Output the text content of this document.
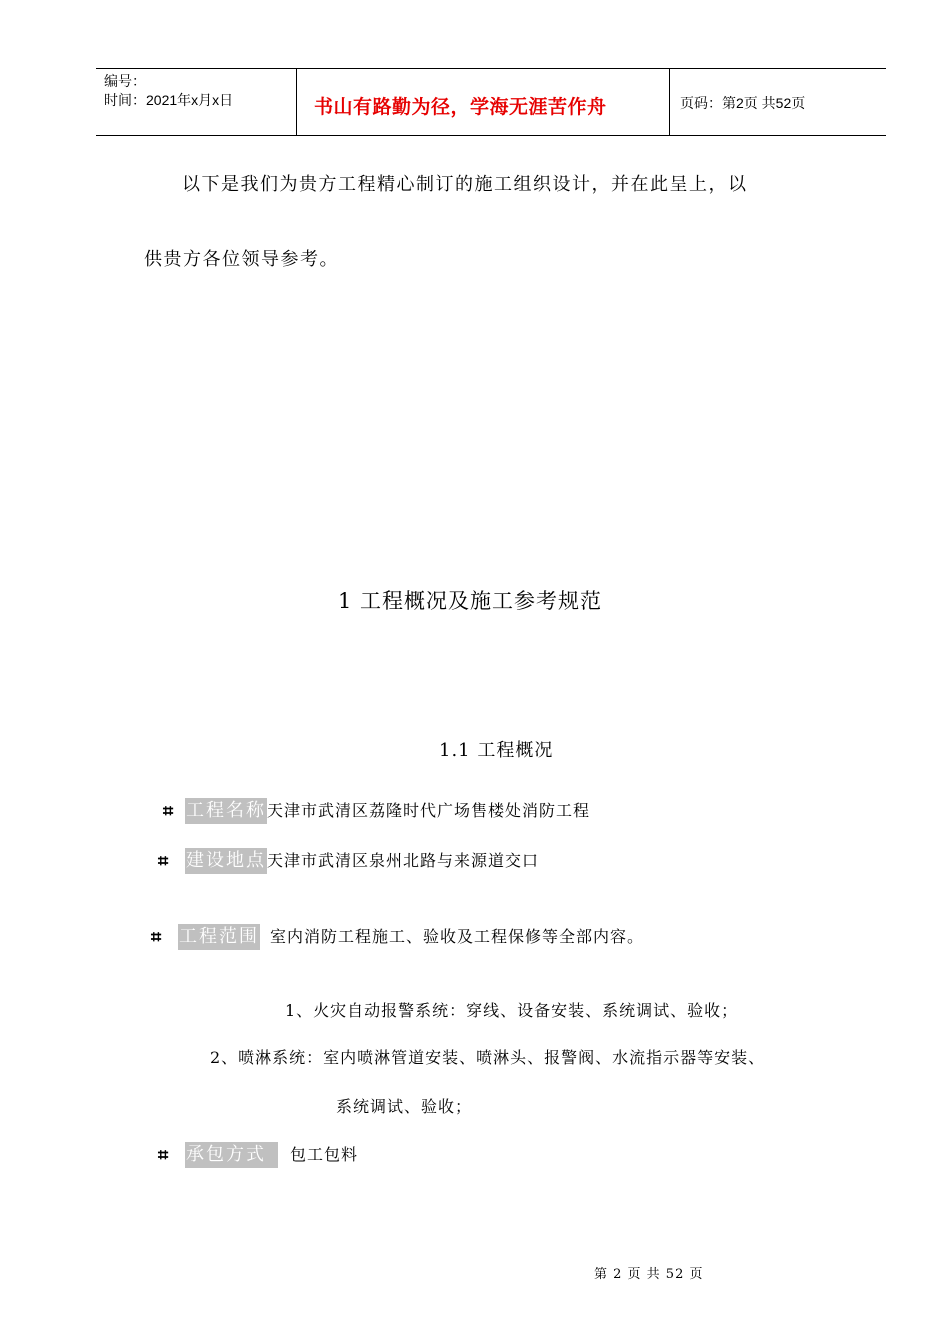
编号：
时间：2021年x月x日	书山有路勤为径，学海无涯苦作舟	页码：第2页 共52页
以下是我们为贵方工程精心制订的施工组织设计，并在此呈上，以
供贵方各位领导参考。
1 工程概况及施工参考规范
1.1 工程概况
⌗ 工程名称 天津市武清区荔隆时代广场售楼处消防工程
⌗ 建设地点 天津市武清区泉州北路与来源道交口
⌗ 工程范围 室内消防工程施工、验收及工程保修等全部内容。
1、火灾自动报警系统：穿线、设备安装、系统调试、验收；
2、喷淋系统：室内喷淋管道安装、喷淋头、报警阀、水流指示器等安装、
系统调试、验收；
⌗ 承包方式	包工包料
第 2 页 共 52 页
